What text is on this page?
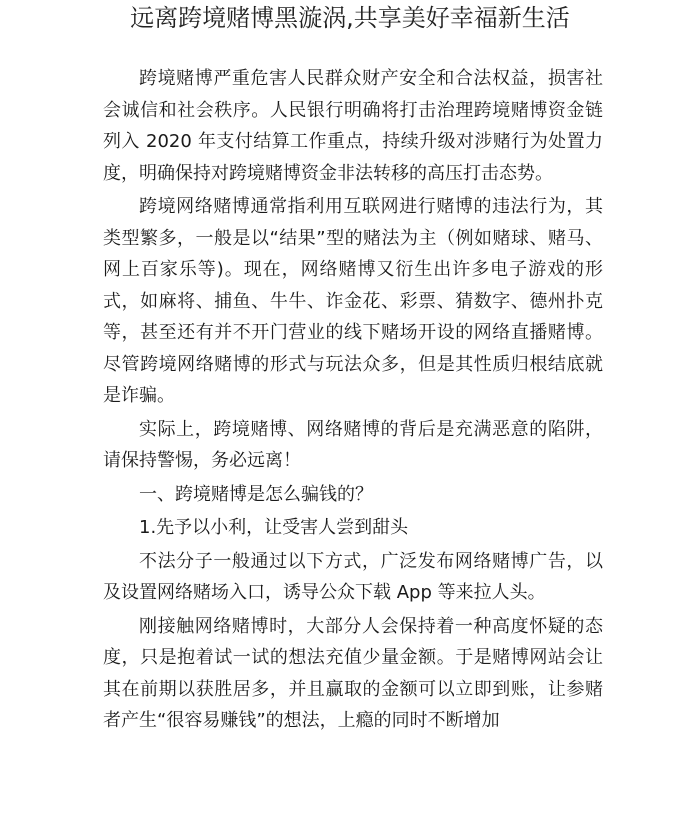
远离跨境赌博黑漩涡,共享美好幸福新生活

跨境赌博严重危害人民群众财产安全和合法权益，损害社会诚信和社会秩序。人民银行明确将打击治理跨境赌博资金链列入 2020 年支付结算工作重点，持续升级对涉赌行为处置力度，明确保持对跨境赌博资金非法转移的高压打击态势。

跨境网络赌博通常指利用互联网进行赌博的违法行为，其类型繁多，一般是以“结果”型的赌法为主（例如赌球、赌马、网上百家乐等)。现在，网络赌博又衍生出许多电子游戏的形式，如麻将、捕鱼、牛牛、诈金花、彩票、猜数字、德州扑克等，甚至还有并不开门营业的线下赌场开设的网络直播赌博。尽管跨境网络赌博的形式与玩法众多，但是其性质归根结底就是诈骗。

实际上，跨境赌博、网络赌博的背后是充满恶意的陷阱，请保持警惕，务必远离！

一、跨境赌博是怎么骗钱的？

1.先予以小利，让受害人尝到甜头

不法分子一般通过以下方式，广泛发布网络赌博广告，以及设置网络赌场入口，诱导公众下载 App 等来拉人头。

刚接触网络赌博时，大部分人会保持着一种高度怀疑的态度，只是抱着试一试的想法充值少量金额。于是赌博网站会让其在前期以获胜居多，并且赢取的金额可以立即到账，让参赌者产生“很容易赚钱”的想法，上瘾的同时不断增加
